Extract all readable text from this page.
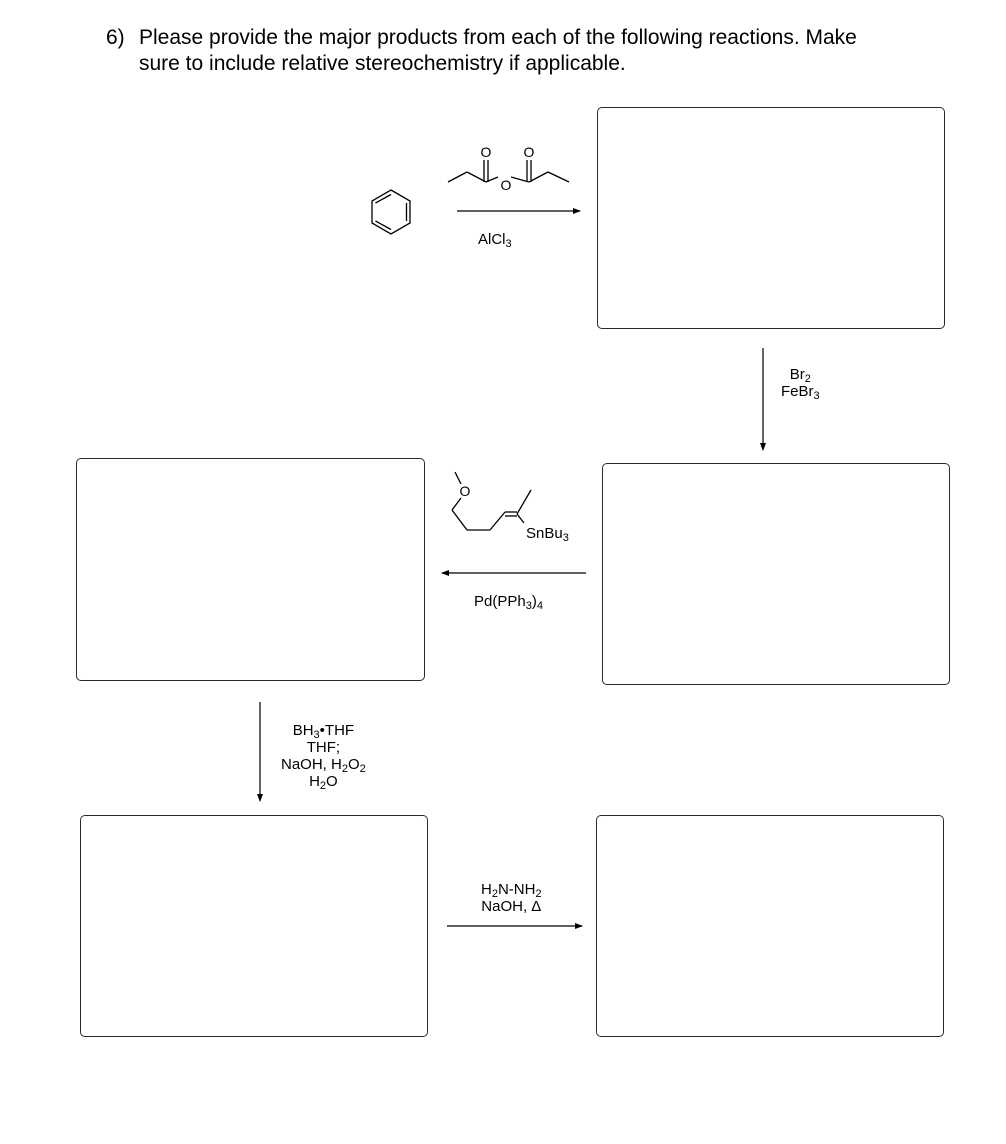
6) Please provide the major products from each of the following reactions. Make
sure to include relative stereochemistry if applicable.
O O
O
O
AlCl$_3$
$Br_2$
FeBr$_3$
SnBu$_3$
$Pd(PPh_3)_4$
$BH_3•THF$
THF;
NaOH, $H_2O_2$
$H_2O$
$H_2N-NH_2$
NaOH, Δ
